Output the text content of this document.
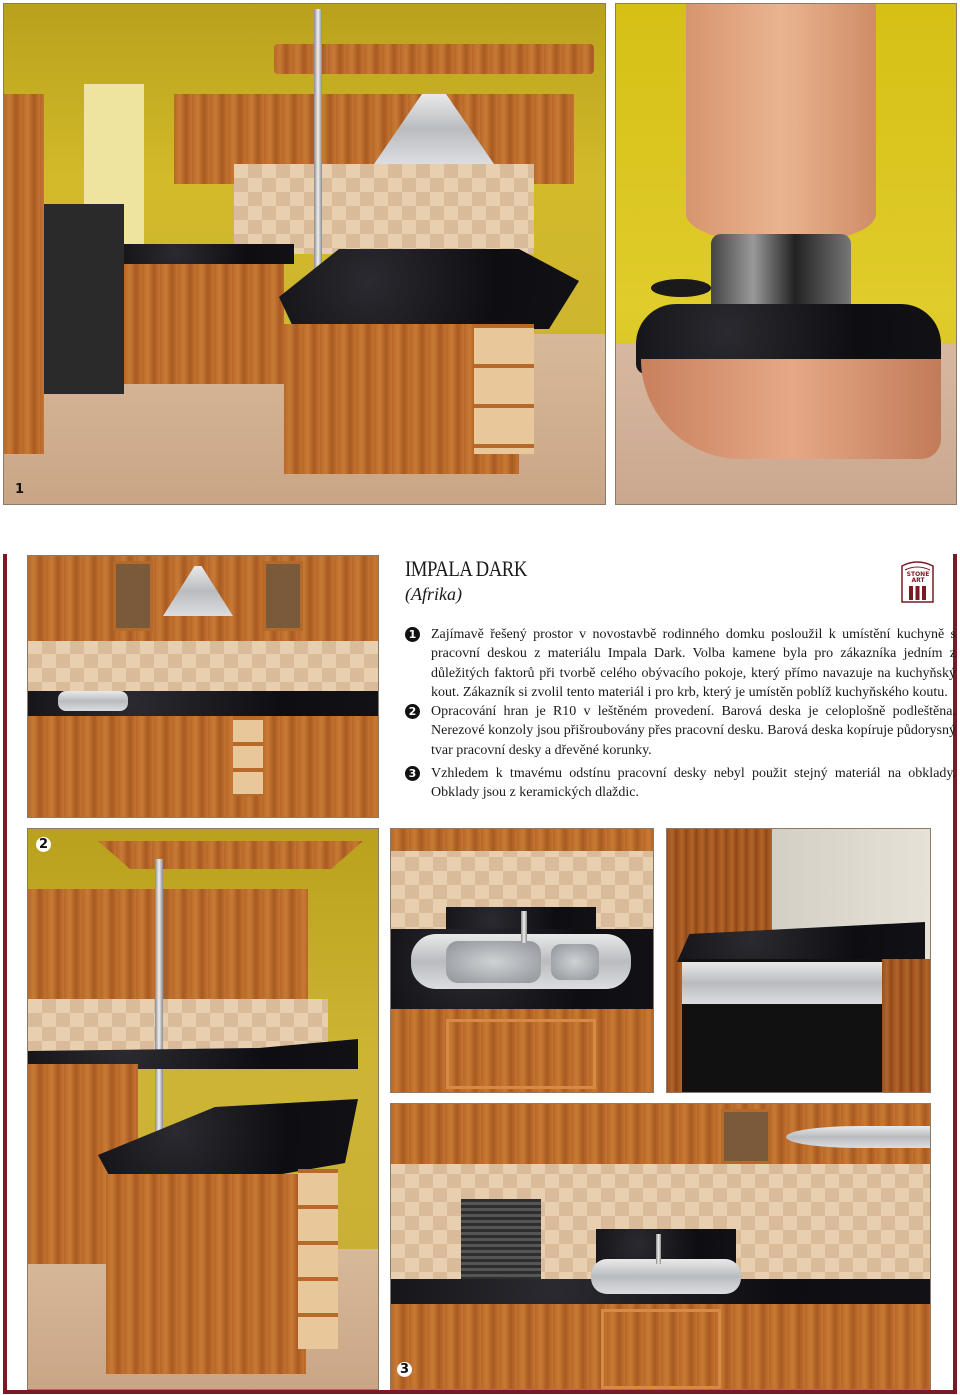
1
IMPALA DARK
(Afrika)
STONE ART
1 Zajímavě řešený prostor v novostavbě rodinného domku posloužil k umístění kuchyně s pracovní deskou z materiálu Impala Dark. Volba kamene byla pro zákazníka jedním z důležitých faktorů při tvorbě celého obývacího pokoje, který přímo navazuje na kuchyňský kout. Zákazník si zvolil tento materiál i pro krb, který je umístěn poblíž kuchyňského koutu.
2 Opracování hran je R10 v leštěném provedení. Barová deska je celoplošně podleštěna. Nerezové konzoly jsou přišroubovány přes pracovní desku. Barová deska kopíruje půdorysný tvar pracovní desky a dřevěné korunky.
3 Vzhledem k tmavému odstínu pracovní desky nebyl použit stejný materiál na obklady. Obklady jsou z keramických dlaždic.
2
3
